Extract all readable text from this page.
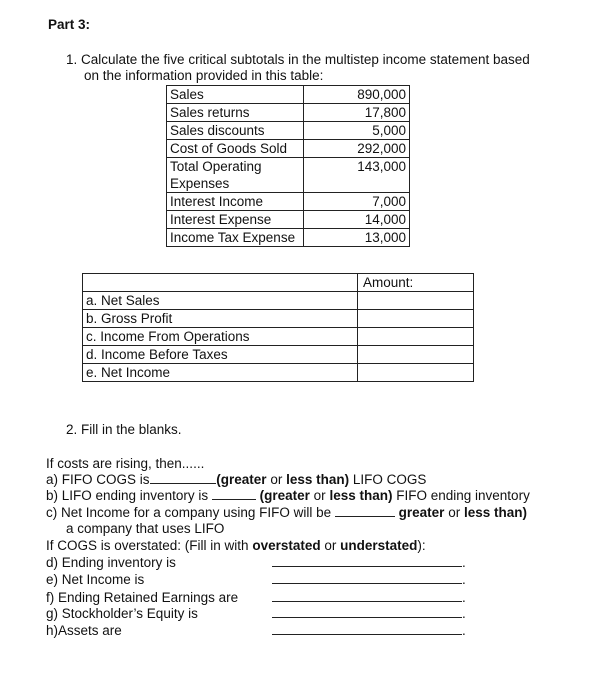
Part 3:
1. Calculate the five critical subtotals in the multistep income statement based
on the information provided in this table:
Sales	890,000
Sales returns	17,800
Sales discounts	5,000
Cost of Goods Sold	292,000
Total Operating
Expenses	143,000
Interest Income	7,000
Interest Expense	14,000
Income Tax Expense	13,000
	Amount:
a. Net Sales	
b. Gross Profit	
c. Income From Operations	
d. Income Before Taxes	
e. Net Income	
2. Fill in the blanks.
If costs are rising, then......
a) FIFO COGS is	(greater or less than) LIFO COGS
b) LIFO ending inventory is	(greater or less than) FIFO ending inventory
c) Net Income for a company using FIFO will be	greater or less than)
a company that uses LIFO
If COGS is overstated: (Fill in with overstated or understated):
d) Ending inventory is	.
e) Net Income is	.
f) Ending Retained Earnings are	.
g) Stockholder’s Equity is	.
h)Assets are	.
